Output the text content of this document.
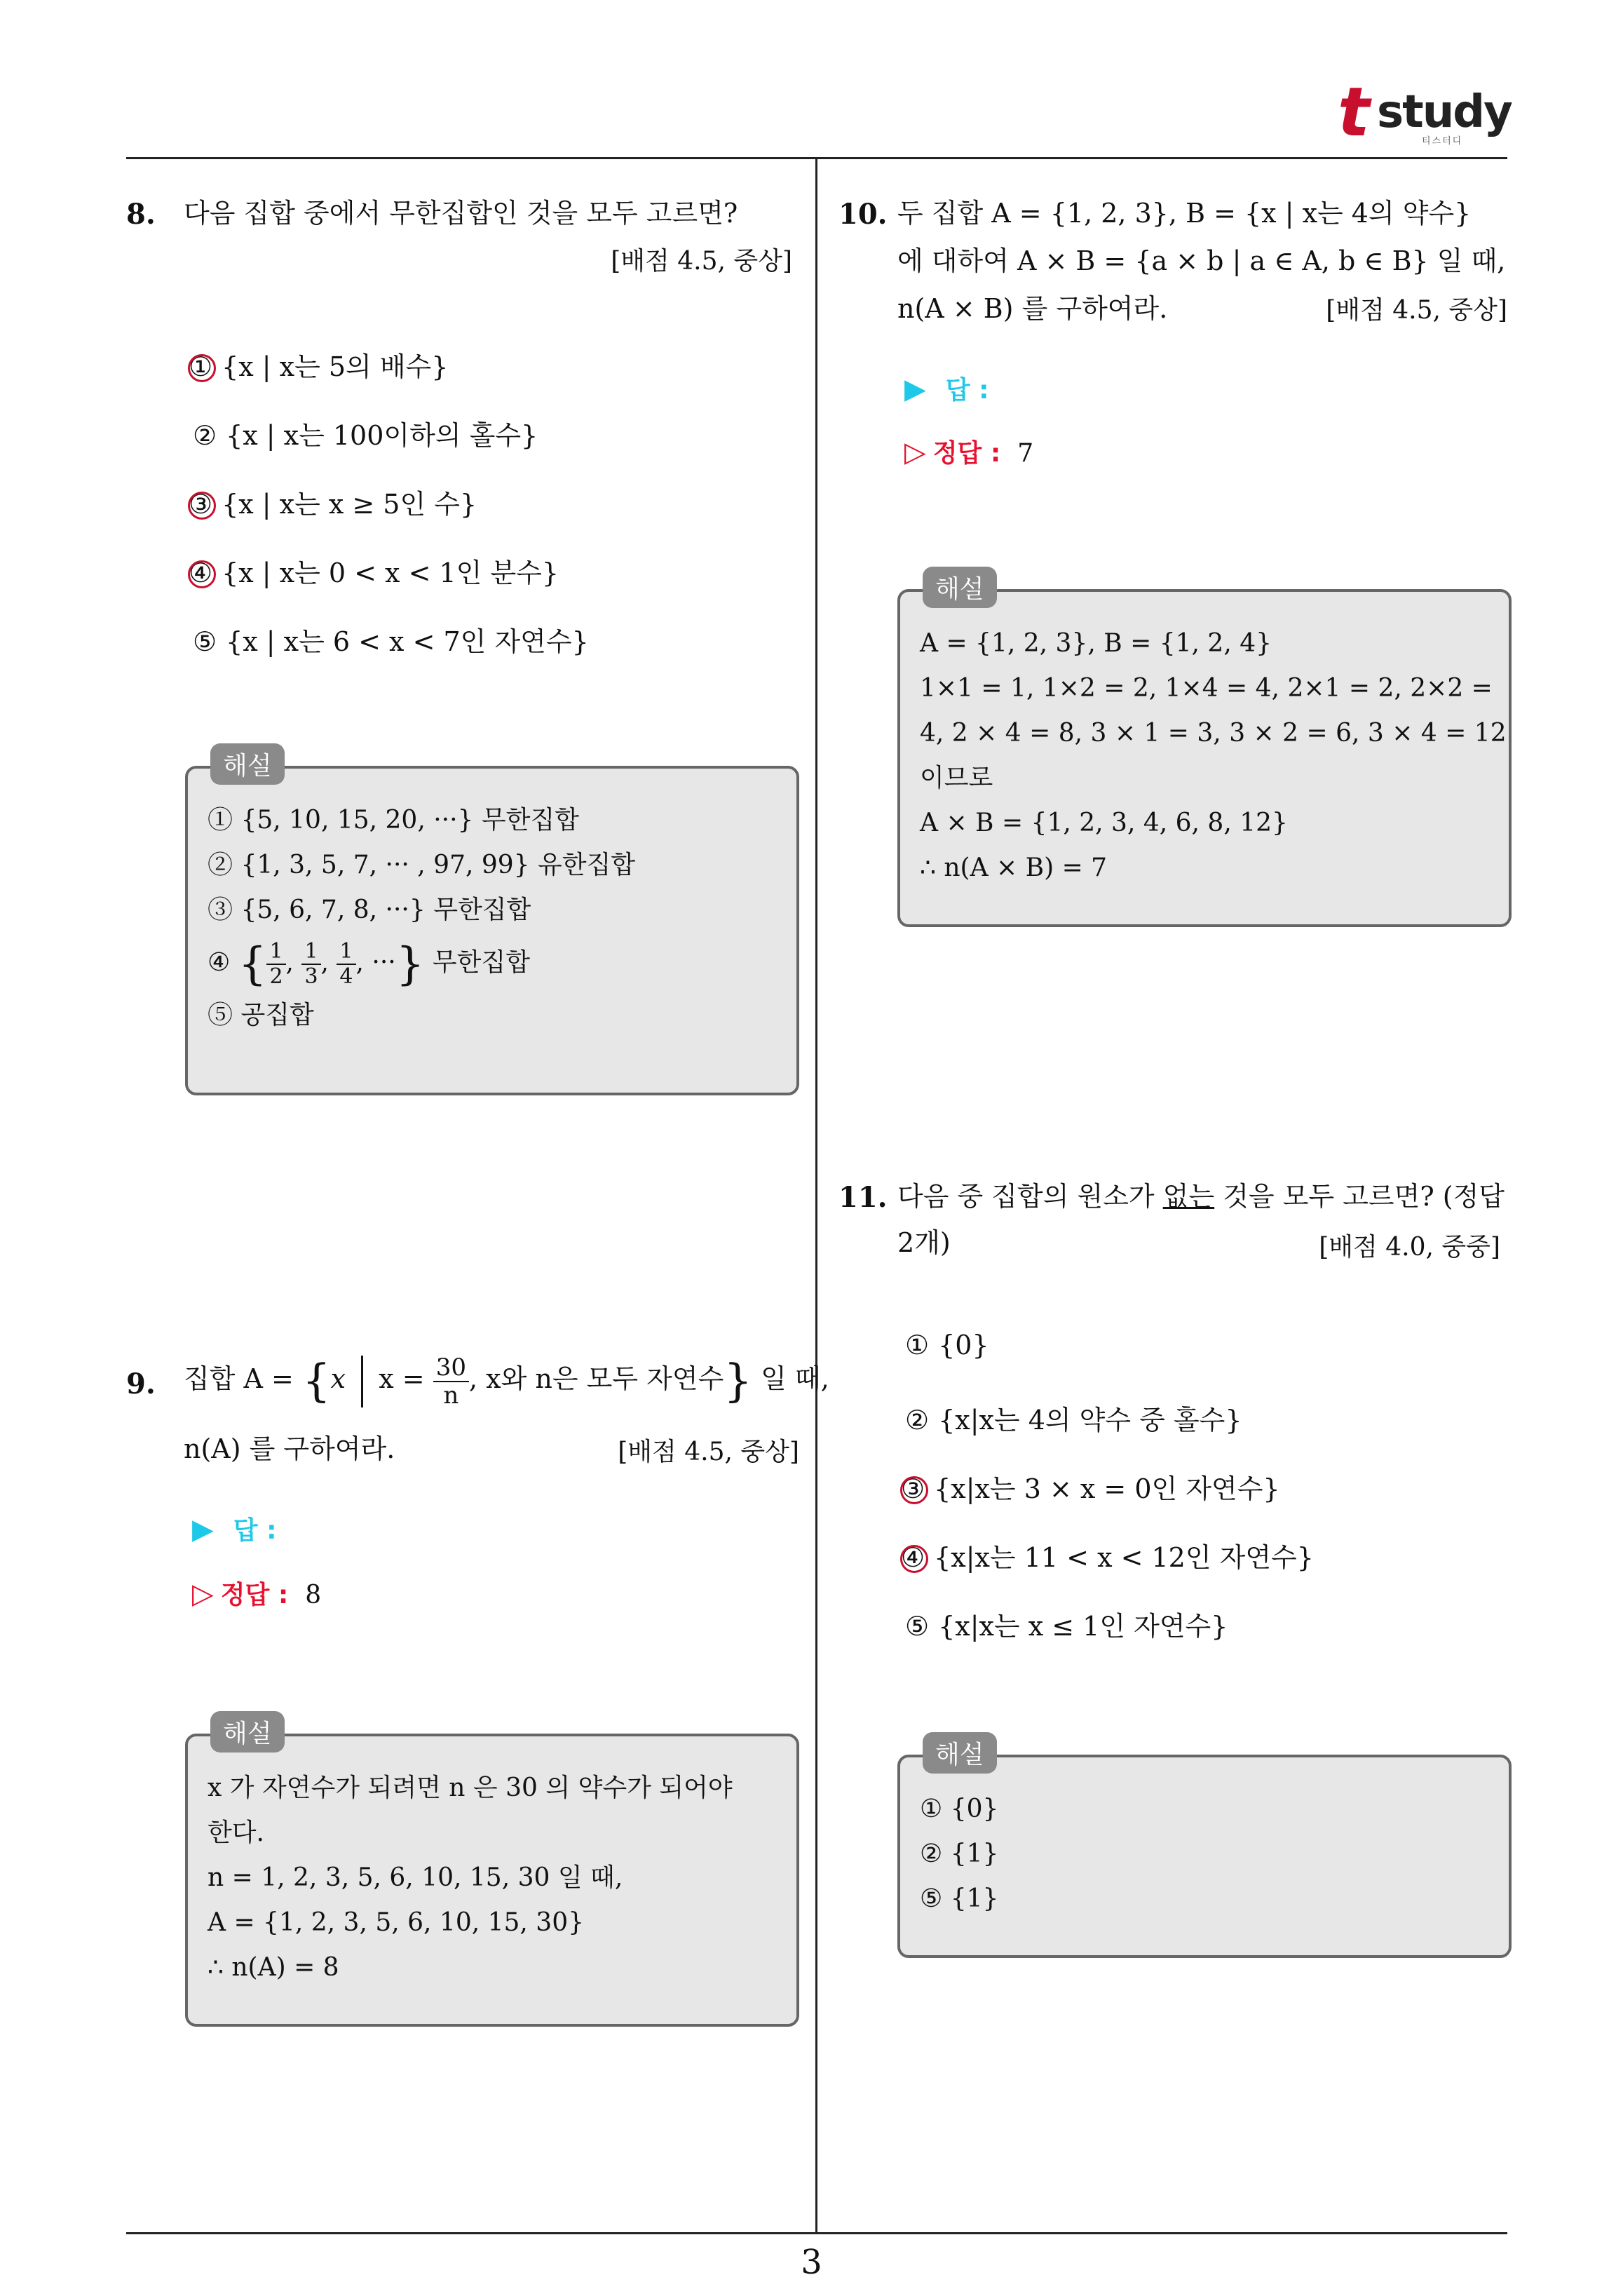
t study
티스터디
8. 다음 집합 중에서 무한집합인 것을 모두 고르면?
[배점 4.5, 중상]
① {x | x는 5의 배수}
② {x | x는 100이하의 홀수}
③ {x | x는 x ≥ 5인 수}
④ {x | x는 0 < x < 1인 분수}
⑤ {x | x는 6 < x < 7인 자연수}
해설
① {5, 10, 15, 20, ···} 무한집합
② {1, 3, 5, 7, ··· , 97, 99} 유한집합
③ {5, 6, 7, 8, ···} 무한집합
④ { $\frac{1}{2}$ , $\frac{1}{3}$ , $\frac{1}{4}$ , ···} 무한집합
⑤ 공집합
9. 집합 A = {x $x = \frac{30}{n}$ , x와 n은 모두 자연수} 일 때,
n(A) 를 구하여라.	[배점 4.5, 중상]
▶ 답 :
▷ 정답 : 8
해설
x 가 자연수가 되려면 n 은 30 의 약수가 되어야
한다.
n = 1, 2, 3, 5, 6, 10, 15, 30 일 때,
A = {1, 2, 3, 5, 6, 10, 15, 30}
∴ n(A) = 8
10. 두 집합 A = {1, 2, 3}, B = {x | x는 4의 약수}
에 대하여 A × B = {a × b | a ∈ A, b ∈ B} 일 때,
n(A × B) 를 구하여라.	[배점 4.5, 중상]
▶ 답 :
▷ 정답 : 7
해설
A = {1, 2, 3}, B = {1, 2, 4}
1×1 = 1, 1×2 = 2, 1×4 = 4, 2×1 = 2, 2×2 =
4, 2 × 4 = 8, 3 × 1 = 3, 3 × 2 = 6, 3 × 4 = 12
이므로
A × B = {1, 2, 3, 4, 6, 8, 12}
∴ n(A × B) = 7
11. 다음 중 집합의 원소가 없는 것을 모두 고르면? (정답
2개)	[배점 4.0, 중중]
① {0}
② {x|x는 4의 약수 중 홀수}
③ {x|x는 3 × x = 0인 자연수}
④ {x|x는 11 < x < 12인 자연수}
⑤ {x|x는 x ≤ 1인 자연수}
해설
① {0}
② {1}
⑤ {1}
3
